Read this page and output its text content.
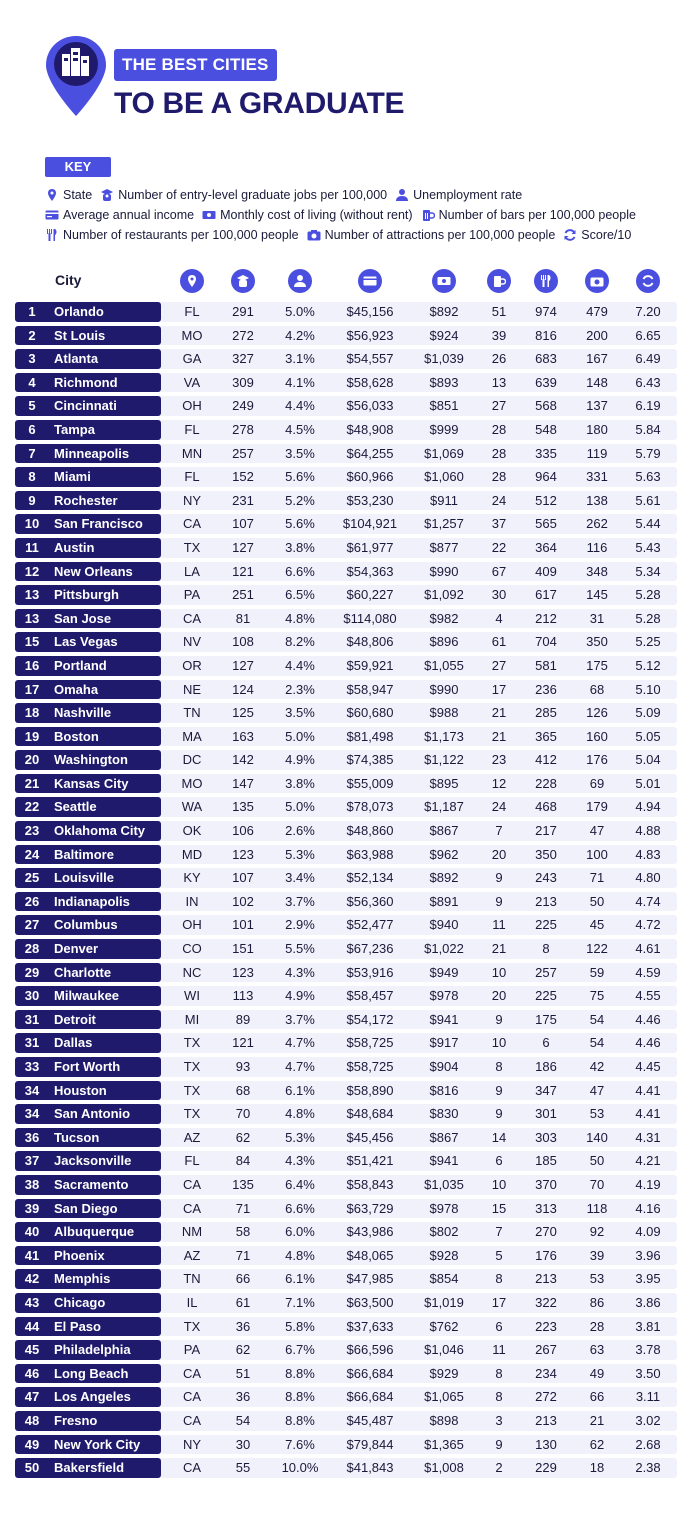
THE BEST CITIES
TO BE A GRADUATE
KEY
State Number of entry-level graduate jobs per 100,000 Unemployment rate
Average annual income Monthly cost of living (without rent) Number of bars per 100,000 people
Number of restaurants per 100,000 people Number of attractions per 100,000 people Score/10
City
1	Orlando	FL	291	5.0%	$45,156	$892	51	974	479	7.20
2	St Louis	MO	272	4.2%	$56,923	$924	39	816	200	6.65
3	Atlanta	GA	327	3.1%	$54,557	$1,039	26	683	167	6.49
4	Richmond	VA	309	4.1%	$58,628	$893	13	639	148	6.43
5	Cincinnati	OH	249	4.4%	$56,033	$851	27	568	137	6.19
6	Tampa	FL	278	4.5%	$48,908	$999	28	548	180	5.84
7	Minneapolis	MN	257	3.5%	$64,255	$1,069	28	335	119	5.79
8	Miami	FL	152	5.6%	$60,966	$1,060	28	964	331	5.63
9	Rochester	NY	231	5.2%	$53,230	$911	24	512	138	5.61
10	San Francisco	CA	107	5.6%	$104,921	$1,257	37	565	262	5.44
11	Austin	TX	127	3.8%	$61,977	$877	22	364	116	5.43
12	New Orleans	LA	121	6.6%	$54,363	$990	67	409	348	5.34
13	Pittsburgh	PA	251	6.5%	$60,227	$1,092	30	617	145	5.28
13	San Jose	CA	81	4.8%	$114,080	$982	4	212	31	5.28
15	Las Vegas	NV	108	8.2%	$48,806	$896	61	704	350	5.25
16	Portland	OR	127	4.4%	$59,921	$1,055	27	581	175	5.12
17	Omaha	NE	124	2.3%	$58,947	$990	17	236	68	5.10
18	Nashville	TN	125	3.5%	$60,680	$988	21	285	126	5.09
19	Boston	MA	163	5.0%	$81,498	$1,173	21	365	160	5.05
20	Washington	DC	142	4.9%	$74,385	$1,122	23	412	176	5.04
21	Kansas City	MO	147	3.8%	$55,009	$895	12	228	69	5.01
22	Seattle	WA	135	5.0%	$78,073	$1,187	24	468	179	4.94
23	Oklahoma City	OK	106	2.6%	$48,860	$867	7	217	47	4.88
24	Baltimore	MD	123	5.3%	$63,988	$962	20	350	100	4.83
25	Louisville	KY	107	3.4%	$52,134	$892	9	243	71	4.80
26	Indianapolis	IN	102	3.7%	$56,360	$891	9	213	50	4.74
27	Columbus	OH	101	2.9%	$52,477	$940	11	225	45	4.72
28	Denver	CO	151	5.5%	$67,236	$1,022	21	8	122	4.61
29	Charlotte	NC	123	4.3%	$53,916	$949	10	257	59	4.59
30	Milwaukee	WI	113	4.9%	$58,457	$978	20	225	75	4.55
31	Detroit	MI	89	3.7%	$54,172	$941	9	175	54	4.46
31	Dallas	TX	121	4.7%	$58,725	$917	10	6	54	4.46
33	Fort Worth	TX	93	4.7%	$58,725	$904	8	186	42	4.45
34	Houston	TX	68	6.1%	$58,890	$816	9	347	47	4.41
34	San Antonio	TX	70	4.8%	$48,684	$830	9	301	53	4.41
36	Tucson	AZ	62	5.3%	$45,456	$867	14	303	140	4.31
37	Jacksonville	FL	84	4.3%	$51,421	$941	6	185	50	4.21
38	Sacramento	CA	135	6.4%	$58,843	$1,035	10	370	70	4.19
39	San Diego	CA	71	6.6%	$63,729	$978	15	313	118	4.16
40	Albuquerque	NM	58	6.0%	$43,986	$802	7	270	92	4.09
41	Phoenix	AZ	71	4.8%	$48,065	$928	5	176	39	3.96
42	Memphis	TN	66	6.1%	$47,985	$854	8	213	53	3.95
43	Chicago	IL	61	7.1%	$63,500	$1,019	17	322	86	3.86
44	El Paso	TX	36	5.8%	$37,633	$762	6	223	28	3.81
45	Philadelphia	PA	62	6.7%	$66,596	$1,046	11	267	63	3.78
46	Long Beach	CA	51	8.8%	$66,684	$929	8	234	49	3.50
47	Los Angeles	CA	36	8.8%	$66,684	$1,065	8	272	66	3.11
48	Fresno	CA	54	8.8%	$45,487	$898	3	213	21	3.02
49	New York City	NY	30	7.6%	$79,844	$1,365	9	130	62	2.68
50	Bakersfield	CA	55	10.0%	$41,843	$1,008	2	229	18	2.38
